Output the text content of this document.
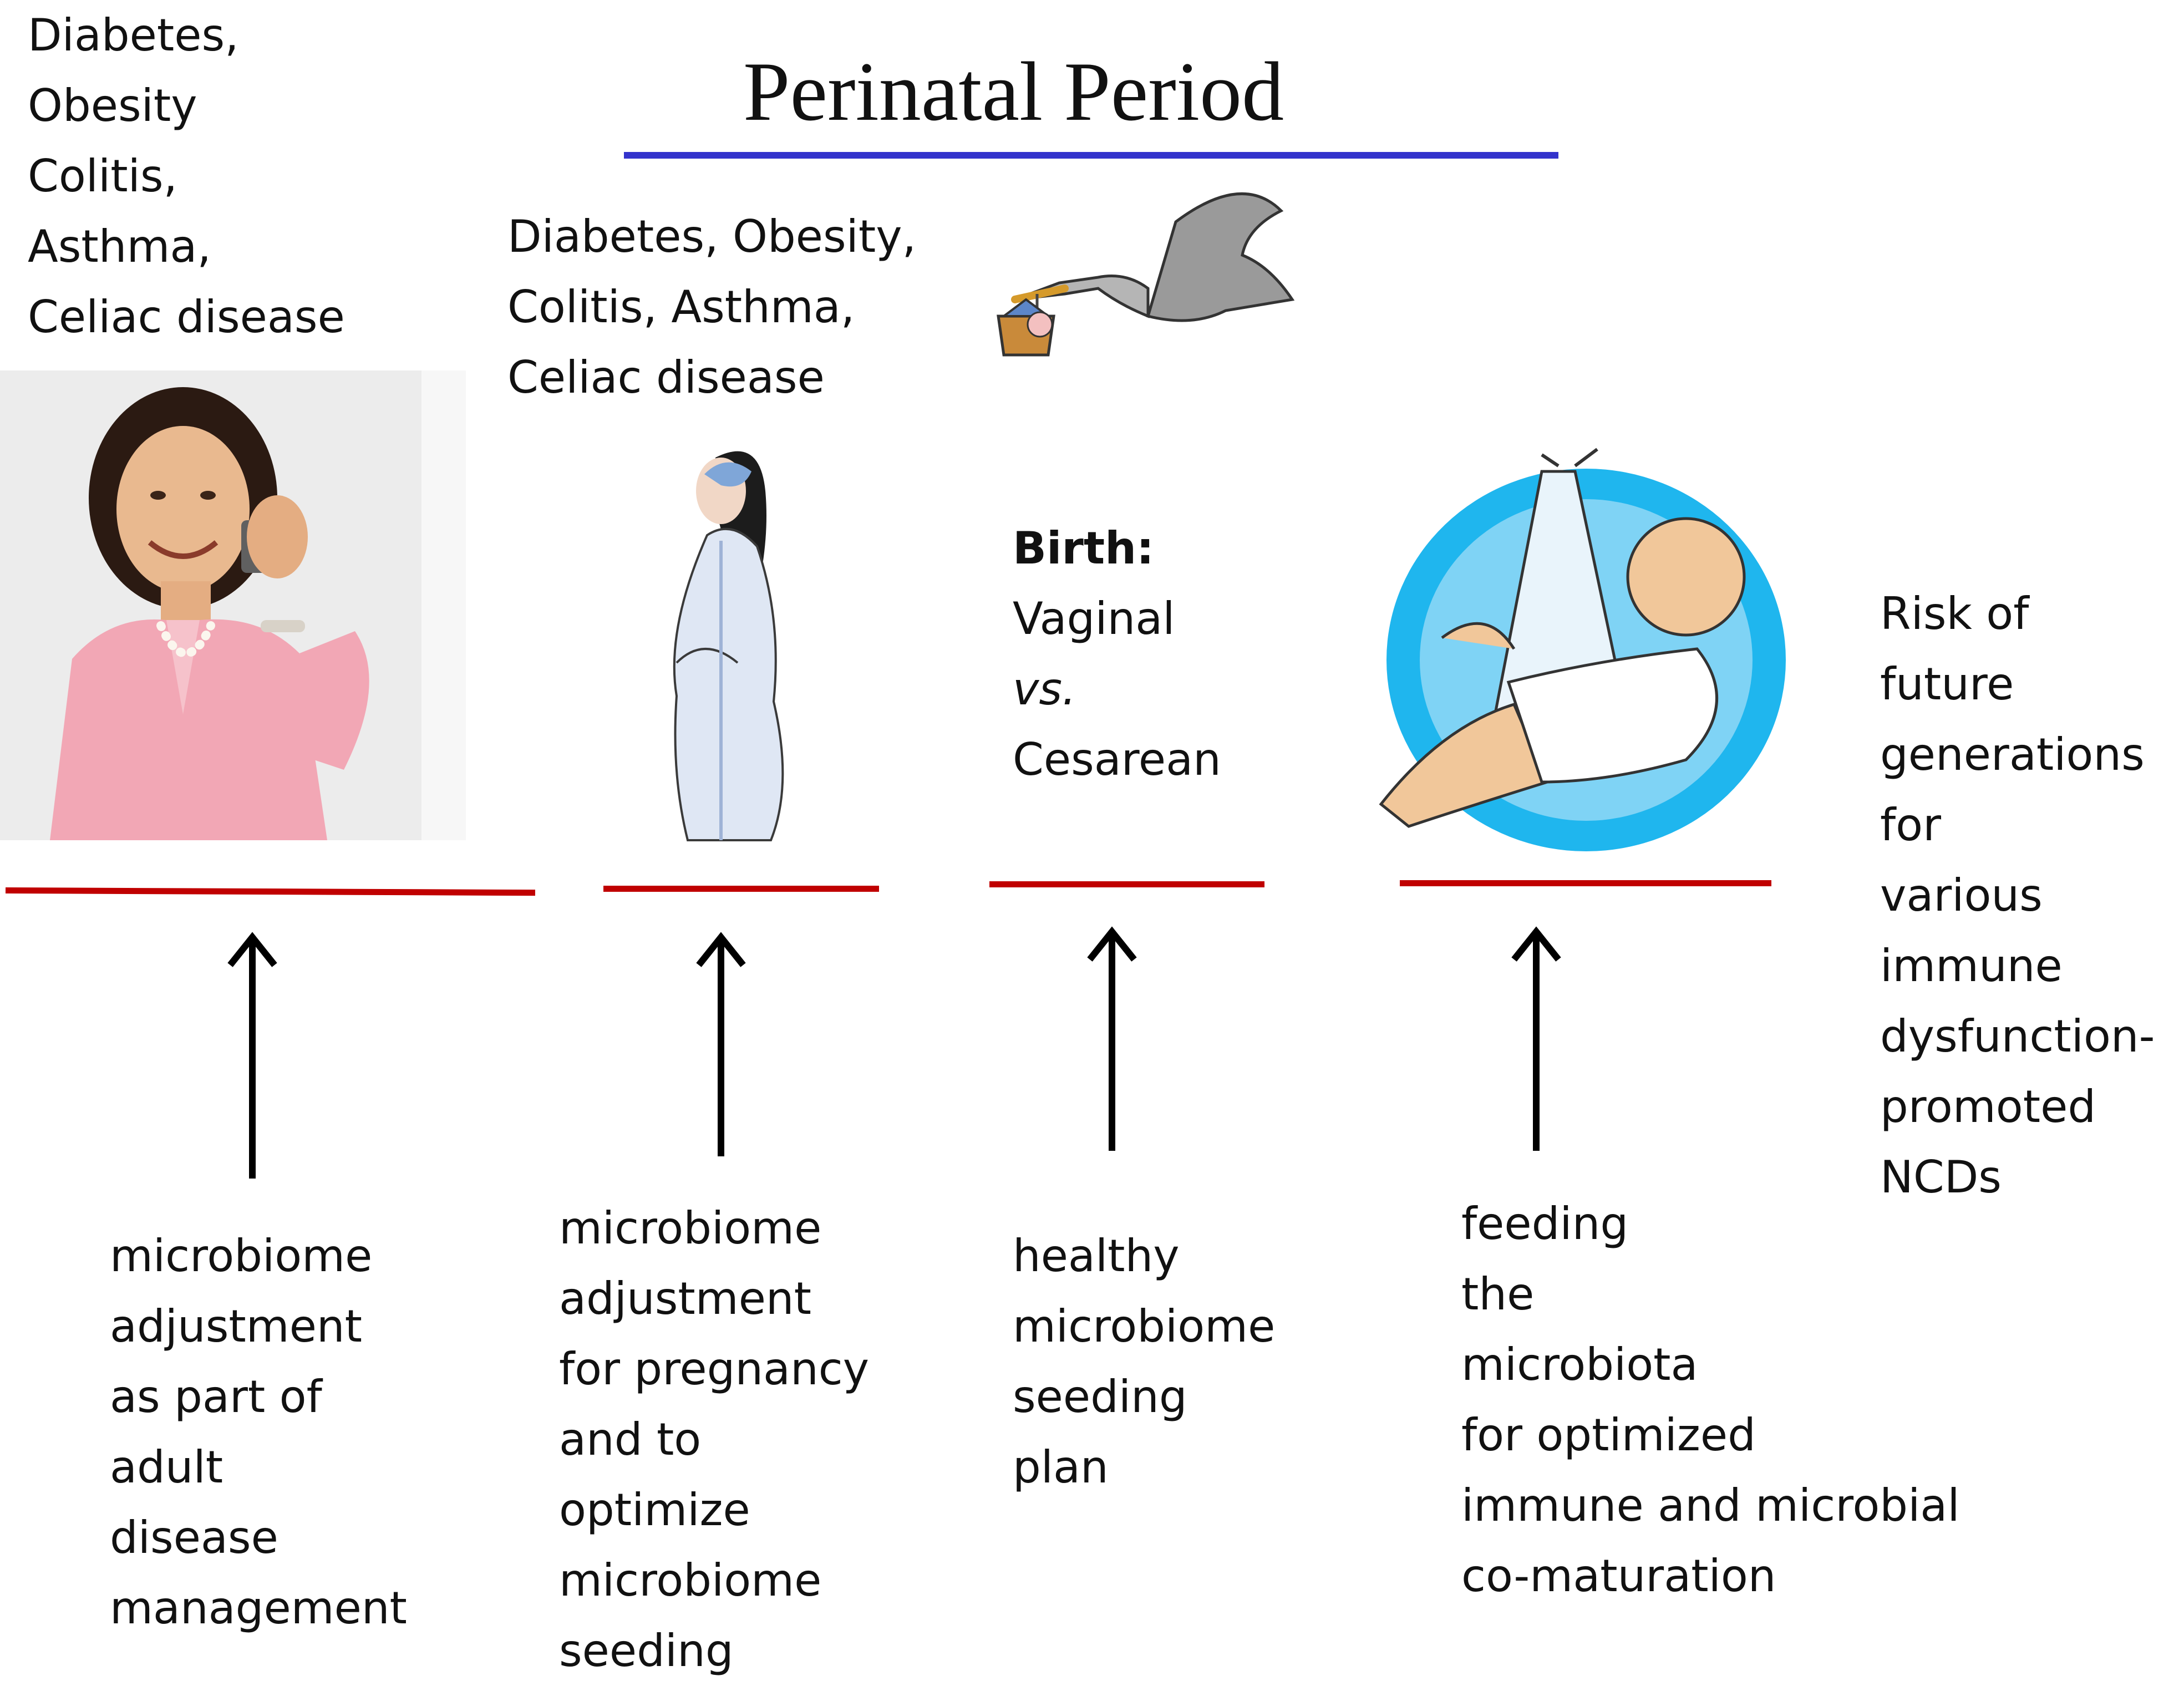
Perinatal Period
Diabetes,
Obesity
Colitis,
Asthma,
Celiac disease
Diabetes, Obesity,
Colitis, Asthma,
Celiac disease
Birth:
Vaginal
vs.
Cesarean
Risk of
future
generations
for
various
immune
dysfunction-
promoted
NCDs
microbiome
adjustment
as part of
adult
disease
management
microbiome
adjustment
for pregnancy
and to
optimize
microbiome
seeding
healthy
microbiome
seeding
plan
feeding
the
microbiota
for optimized
immune and microbial
co-maturation
